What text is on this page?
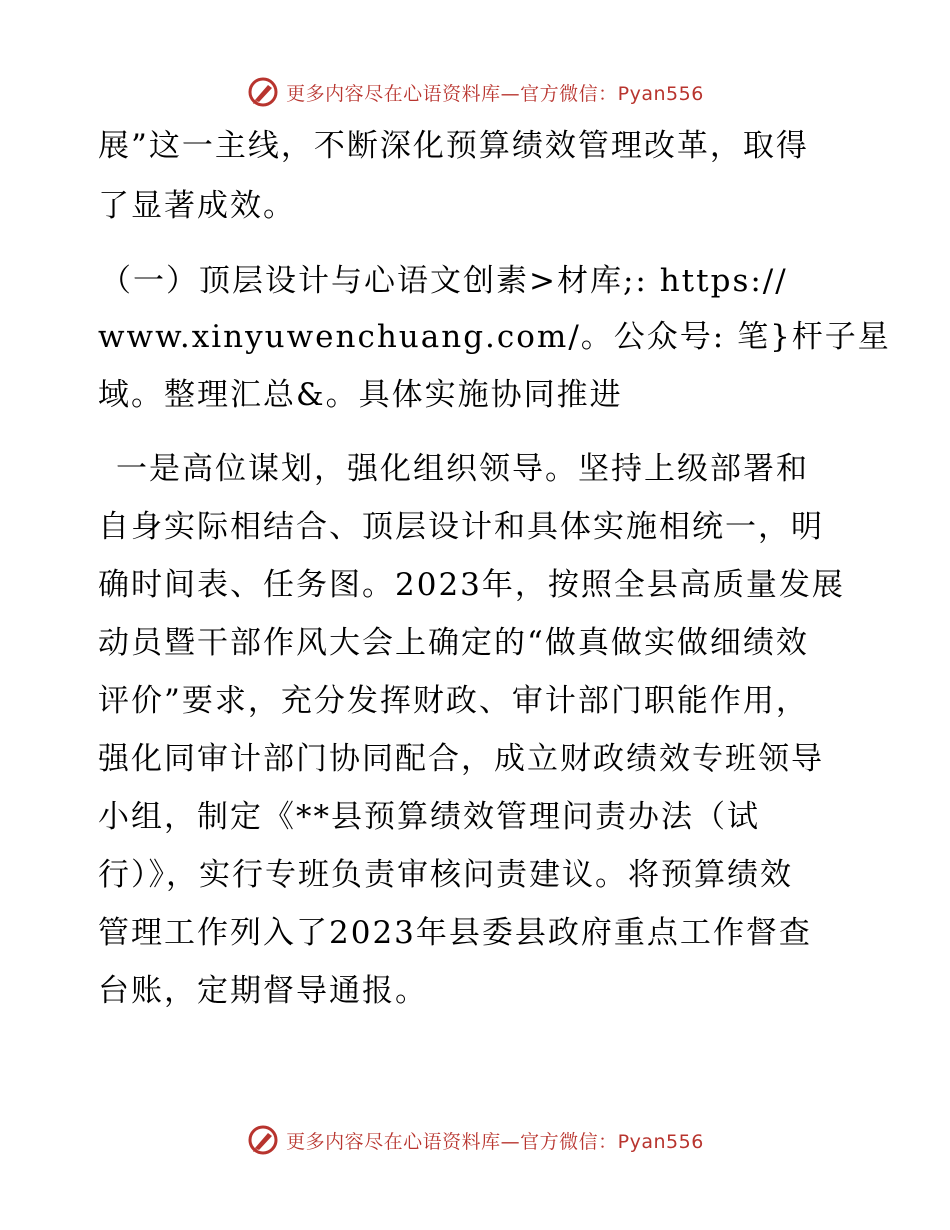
更多内容尽在心语资料库—官方微信：Pyan556
展”这一主线，不断深化预算绩效管理改革，取得
了显著成效。
（一）顶层设计与心语文创素>材库;: https://
www.xinyuwenchuang.com/。公众号: 笔}杆子星
域。整理汇总&。具体实施协同推进
一是高位谋划，强化组织领导。坚持上级部署和
自身实际相结合、顶层设计和具体实施相统一，明
确时间表、任务图。2023年，按照全县高质量发展
动员暨干部作风大会上确定的“做真做实做细绩效
评价”要求，充分发挥财政、审计部门职能作用，
强化同审计部门协同配合，成立财政绩效专班领导
小组，制定《**县预算绩效管理问责办法（试
行）》，实行专班负责审核问责建议。将预算绩效
管理工作列入了2023年县委县政府重点工作督查
台账，定期督导通报。
更多内容尽在心语资料库—官方微信：Pyan556
